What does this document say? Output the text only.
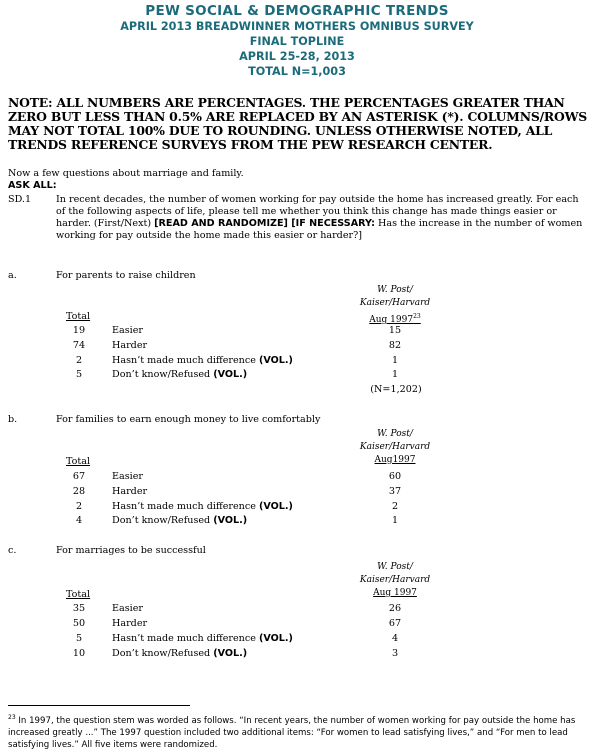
PEW SOCIAL & DEMOGRAPHIC TRENDS
APRIL 2013 BREADWINNER MOTHERS OMNIBUS SURVEY
FINAL TOPLINE
APRIL 25-28, 2013
TOTAL N=1,003
NOTE: ALL NUMBERS ARE PERCENTAGES. THE PERCENTAGES GREATER THAN ZERO BUT LESS THAN 0.5% ARE REPLACED BY AN ASTERISK (*). COLUMNS/ROWS MAY NOT TOTAL 100% DUE TO ROUNDING. UNLESS OTHERWISE NOTED, ALL TRENDS REFERENCE SURVEYS FROM THE PEW RESEARCH CENTER.
Now a few questions about marriage and family.
ASK ALL:
SD.1	In recent decades, the number of women working for pay outside the home has increased greatly. For each of the following aspects of life, please tell me whether you think this change has made things easier or harder. (First/Next) [READ AND RANDOMIZE] [IF NECESSARY: Has the increase in the number of women working for pay outside the home made this easier or harder?]
a.	For parents to raise children
W. Post/
Kaiser/Harvard
Aug 1997$^{23}$
Total
19	Easier	15
74	Harder	82
2	Hasn’t made much difference (VOL.)	1
5	Don’t know/Refused (VOL.)	1
(N=1,202)
b.	For families to earn enough money to live comfortably
W. Post/
Kaiser/Harvard
Aug1997
Total
67	Easier	60
28	Harder	37
2	Hasn’t made much difference (VOL.)	2
4	Don’t know/Refused (VOL.)	1
c.	For marriages to be successful
W. Post/
Kaiser/Harvard
Aug 1997
Total
35	Easier	26
50	Harder	67
5	Hasn’t made much difference (VOL.)	4
10	Don’t know/Refused (VOL.)	3
$^{23}$ In 1997, the question stem was worded as follows. “In recent years, the number of women working for pay outside the home has increased greatly ...” The 1997 question included two additional items: “For women to lead satisfying lives,” and “For men to lead satisfying lives.” All five items were randomized.
